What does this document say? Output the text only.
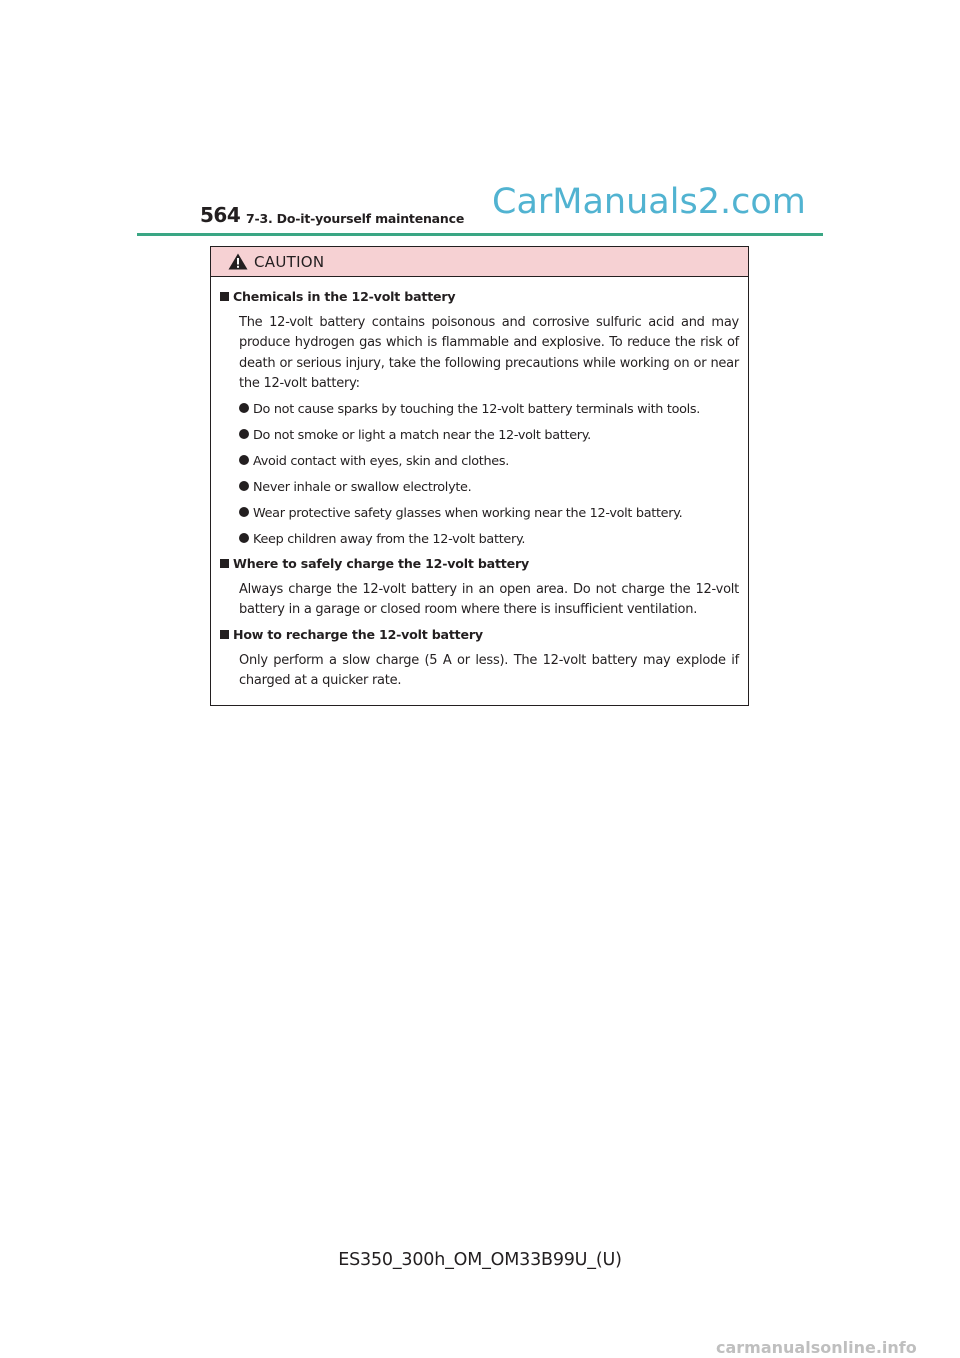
564 7-3. Do-it-yourself maintenance CarManuals2.com
CAUTION
Chemicals in the 12-volt battery
The 12-volt battery contains poisonous and corrosive sulfuric acid and may produce hydrogen gas which is flammable and explosive. To reduce the risk of death or serious injury, take the following precautions while working on or near the 12-volt battery:
Do not cause sparks by touching the 12-volt battery terminals with tools.
Do not smoke or light a match near the 12-volt battery.
Avoid contact with eyes, skin and clothes.
Never inhale or swallow electrolyte.
Wear protective safety glasses when working near the 12-volt battery.
Keep children away from the 12-volt battery.
Where to safely charge the 12-volt battery
Always charge the 12-volt battery in an open area. Do not charge the 12-volt battery in a garage or closed room where there is insufficient ventilation.
How to recharge the 12-volt battery
Only perform a slow charge (5 A or less). The 12-volt battery may explode if charged at a quicker rate.
ES350_300h_OM_OM33B99U_(U)
carmanualsonline.info
